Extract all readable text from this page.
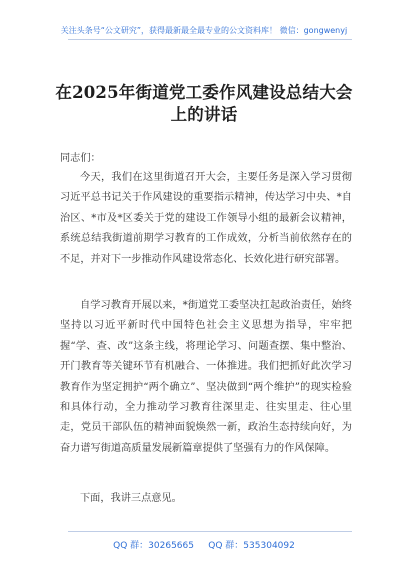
关注头条号“公文研究”，获得最新最全最专业的公文资料库！ 微信：gongwenyj
在2025年街道党工委作风建设总结大会上的讲话
同志们：
今天，我们在这里街道召开大会，主要任务是深入学习贯彻习近平总书记关于作风建设的重要指示精神，传达学习中央、*自治区、*市及*区委关于党的建设工作领导小组的最新会议精神，系统总结我街道前期学习教育的工作成效，分析当前依然存在的不足，并对下一步推动作风建设常态化、长效化进行研究部署。
自学习教育开展以来，*街道党工委坚决扛起政治责任，始终坚持以习近平新时代中国特色社会主义思想为指导，牢牢把握“学、查、改”这条主线，将理论学习、问题查摆、集中整治、开门教育等关键环节有机融合、一体推进。我们把抓好此次学习教育作为坚定拥护“两个确立”、坚决做到“两个维护”的现实检验和具体行动，全力推动学习教育往深里走、往实里走、往心里走，党员干部队伍的精神面貌焕然一新，政治生态持续向好，为奋力谱写街道高质量发展新篇章提供了坚强有力的作风保障。
下面，我讲三点意见。
QQ 群：30265665     QQ 群：535304092
